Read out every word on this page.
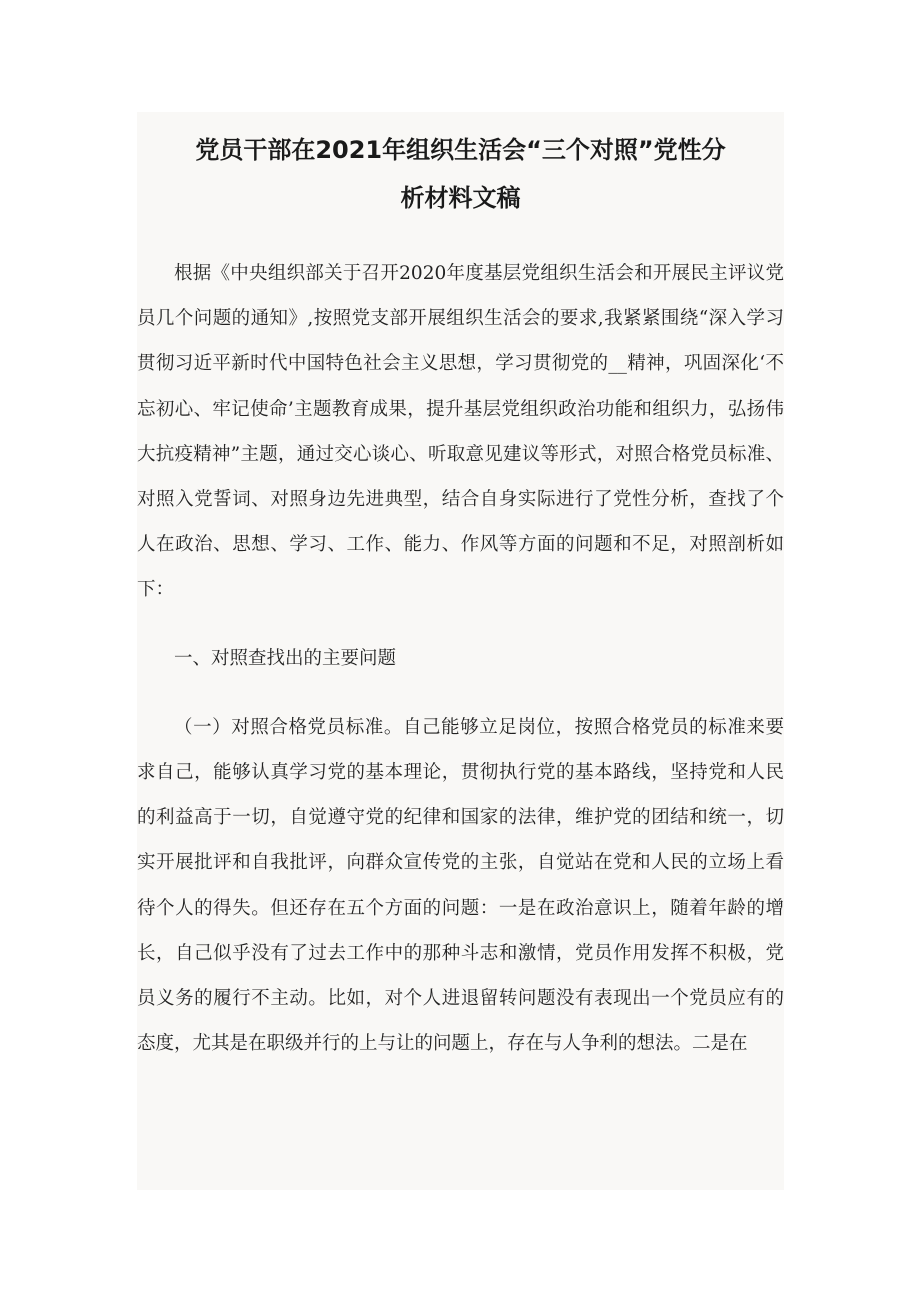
党员干部在2021年组织生活会“三个对照”党性分
析材料文稿

根据《中央组织部关于召开2020年度基层党组织生活会和开展民主评议党员几个问题的通知》,按照党支部开展组织生活会的要求,我紧紧围绕“深入学习贯彻习近平新时代中国特色社会主义思想，学习贯彻党的__精神，巩固深化‘不忘初心、牢记使命’主题教育成果，提升基层党组织政治功能和组织力，弘扬伟大抗疫精神”主题，通过交心谈心、听取意见建议等形式，对照合格党员标准、对照入党誓词、对照身边先进典型，结合自身实际进行了党性分析，查找了个人在政治、思想、学习、工作、能力、作风等方面的问题和不足，对照剖析如下：

一、对照查找出的主要问题

（一）对照合格党员标准。自己能够立足岗位，按照合格党员的标准来要求自己，能够认真学习党的基本理论，贯彻执行党的基本路线，坚持党和人民的利益高于一切，自觉遵守党的纪律和国家的法律，维护党的团结和统一，切实开展批评和自我批评，向群众宣传党的主张，自觉站在党和人民的立场上看待个人的得失。但还存在五个方面的问题：一是在政治意识上，随着年龄的增长，自己似乎没有了过去工作中的那种斗志和激情，党员作用发挥不积极，党员义务的履行不主动。比如，对个人进退留转问题没有表现出一个党员应有的态度，尤其是在职级并行的上与让的问题上，存在与人争利的想法。二是在
